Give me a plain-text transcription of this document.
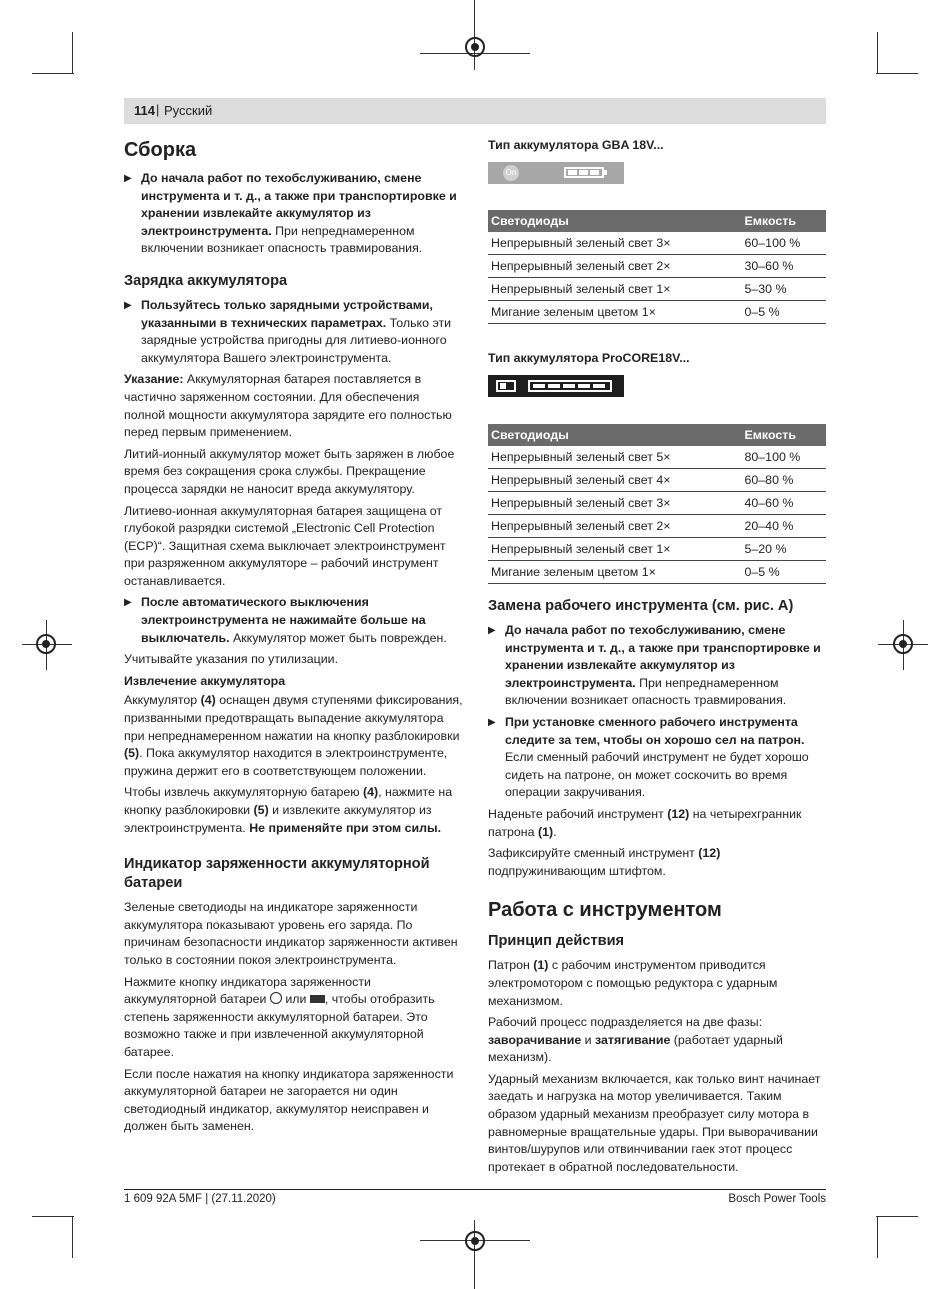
114 | Русский
Сборка
▶ До начала работ по техобслуживанию, смене инструмента и т. д., а также при транспортировке и хранении извлекайте аккумулятор из электроинструмента. При непреднамеренном включении возникает опасность травмирования.
Зарядка аккумулятора
▶ Пользуйтесь только зарядными устройствами, указанными в технических параметрах. Только эти зарядные устройства пригодны для литиево-ионного аккумулятора Вашего электроинструмента.

Указание: Аккумуляторная батарея поставляется в частично заряженном состоянии. Для обеспечения полной мощности аккумулятора зарядите его полностью перед первым применением.

Литий-ионный аккумулятор может быть заряжен в любое время без сокращения срока службы. Прекращение процесса зарядки не наносит вреда аккумулятору.

Литиево-ионная аккумуляторная батарея защищена от глубокой разрядки системой „Electronic Cell Protection (ECP)“. Защитная схема выключает электроинструмент при разряженном аккумуляторе – рабочий инструмент останавливается.

▶ После автоматического выключения электроинструмента не нажимайте больше на выключатель. Аккумулятор может быть поврежден.

Учитывайте указания по утилизации.

Извлечение аккумулятора

Аккумулятор (4) оснащен двумя ступенями фиксирования, призванными предотвращать выпадение аккумулятора при непреднамеренном нажатии на кнопку разблокировки (5). Пока аккумулятор находится в электроинструменте, пружина держит его в соответствующем положении.

Чтобы извлечь аккумуляторную батарею (4), нажмите на кнопку разблокировки (5) и извлеките аккумулятор из электроинструмента. Не применяйте при этом силы.

Индикатор заряженности аккумуляторной батареи

Зеленые светодиоды на индикаторе заряженности аккумулятора показывают уровень его заряда. По причинам безопасности индикатор заряженности активен только в состоянии покоя электроинструмента.

Нажмите кнопку индикатора заряженности аккумуляторной батареи  или , чтобы отобразить степень заряженности аккумуляторной батареи. Это возможно также и при извлеченной аккумуляторной батарее.

Если после нажатия на кнопку индикатора заряженности аккумуляторной батареи не загорается ни один светодиодный индикатор, аккумулятор неисправен и должен быть заменен.

Тип аккумулятора GBA 18V...
On
Светодиоды	Емкость
Непрерывный зеленый свет 3×	60–100 %
Непрерывный зеленый свет 2×	30–60 %
Непрерывный зеленый свет 1×	5–30 %
Мигание зеленым цветом 1×	0–5 %
Тип аккумулятора ProCORE18V...
Светодиоды	Емкость
Непрерывный зеленый свет 5×	80–100 %
Непрерывный зеленый свет 4×	60–80 %
Непрерывный зеленый свет 3×	40–60 %
Непрерывный зеленый свет 2×	20–40 %
Непрерывный зеленый свет 1×	5–20 %
Мигание зеленым цветом 1×	0–5 %
Замена рабочего инструмента (см. рис. A)
▶ До начала работ по техобслуживанию, смене инструмента и т. д., а также при транспортировке и хранении извлекайте аккумулятор из электроинструмента. При непреднамеренном включении возникает опасность травмирования.
▶ При установке сменного рабочего инструмента следите за тем, чтобы он хорошо сел на патрон. Если сменный рабочий инструмент не будет хорошо сидеть на патроне, он может соскочить во время операции закручивания.

Наденьте рабочий инструмент (12) на четырехгранник патрона (1).

Зафиксируйте сменный инструмент (12) подпружинивающим штифтом.

Работа с инструментом
Принцип действия

Патрон (1) с рабочим инструментом приводится электромотором с помощью редуктора с ударным механизмом.

Рабочий процесс подразделяется на две фазы: заворачивание и затягивание (работает ударный механизм).

Ударный механизм включается, как только винт начинает заедать и нагрузка на мотор увеличивается. Таким образом ударный механизм преобразует силу мотора в равномерные вращательные удары. При выворачивании винтов/шурупов или отвинчивании гаек этот процесс протекает в обратной последовательности.

1 609 92A 5MF | (27.11.2020)	Bosch Power Tools
